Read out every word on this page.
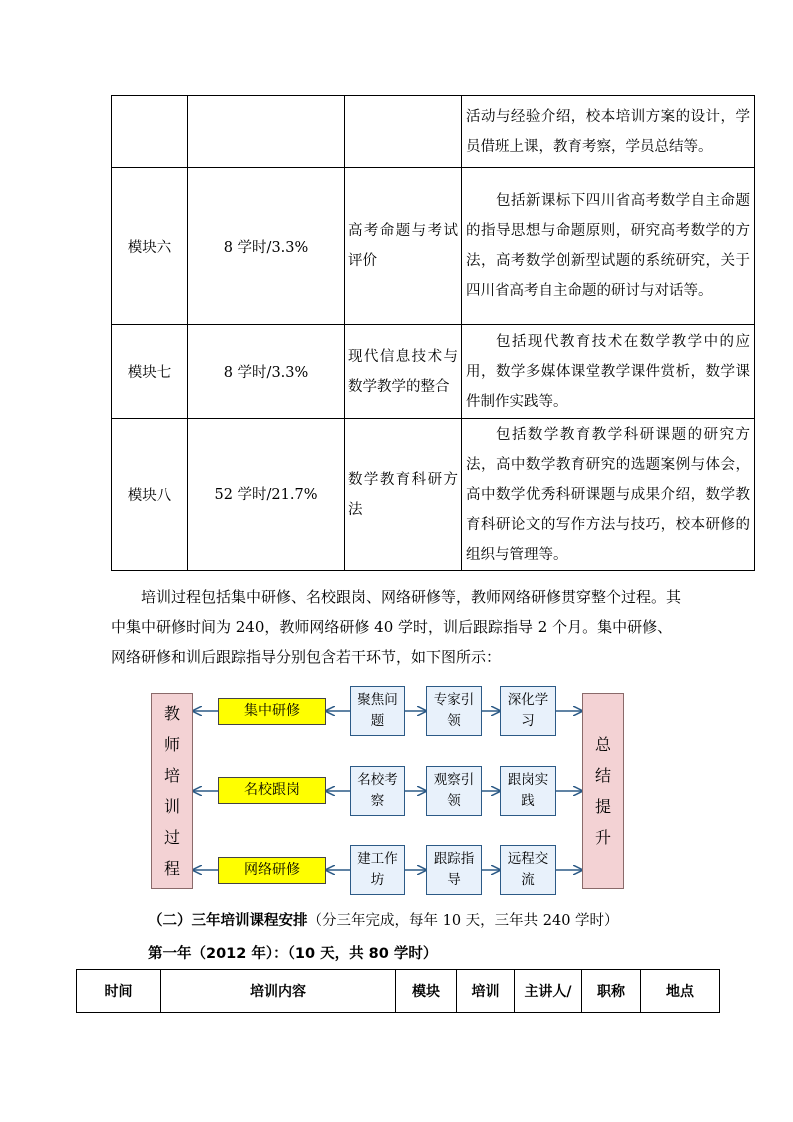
			活动与经验介绍，校本培训方案的设计，学员借班上课，教育考察，学员总结等。
模块六	8 学时/3.3%	高考命题与考试评价	包括新课标下四川省高考数学自主命题的指导思想与命题原则，研究高考数学的方法，高考数学创新型试题的系统研究，关于四川省高考自主命题的研讨与对话等。
模块七	8 学时/3.3%	现代信息技术与数学教学的整合	包括现代教育技术在数学教学中的应用，数学多媒体课堂教学课件赏析，数学课件制作实践等。
模块八	52 学时/21.7%	数学教育科研方法	包括数学教育教学科研课题的研究方法，高中数学教育研究的选题案例与体会，高中数学优秀科研课题与成果介绍，数学教育科研论文的写作方法与技巧，校本研修的组织与管理等。
培训过程包括集中研修、名校跟岗、网络研修等，教师网络研修贯穿整个过程。其中集中研修时间为 240，教师网络研修 40 学时，训后跟踪指导 2 个月。集中研修、网络研修和训后跟踪指导分别包含若干环节，如下图所示：
教师培训过程
总结提升
集中研修
聚焦问题
专家引领
深化学习
名校跟岗
名校考察
观察引领
跟岗实践
网络研修
建工作坊
跟踪指导
远程交流
（二）三年培训课程安排（分三年完成，每年 10 天，三年共 240 学时）
第一年（2012 年）：（10 天，共 80 学时）
时间	培训内容	模块	培训	主讲人/	职称	地点
